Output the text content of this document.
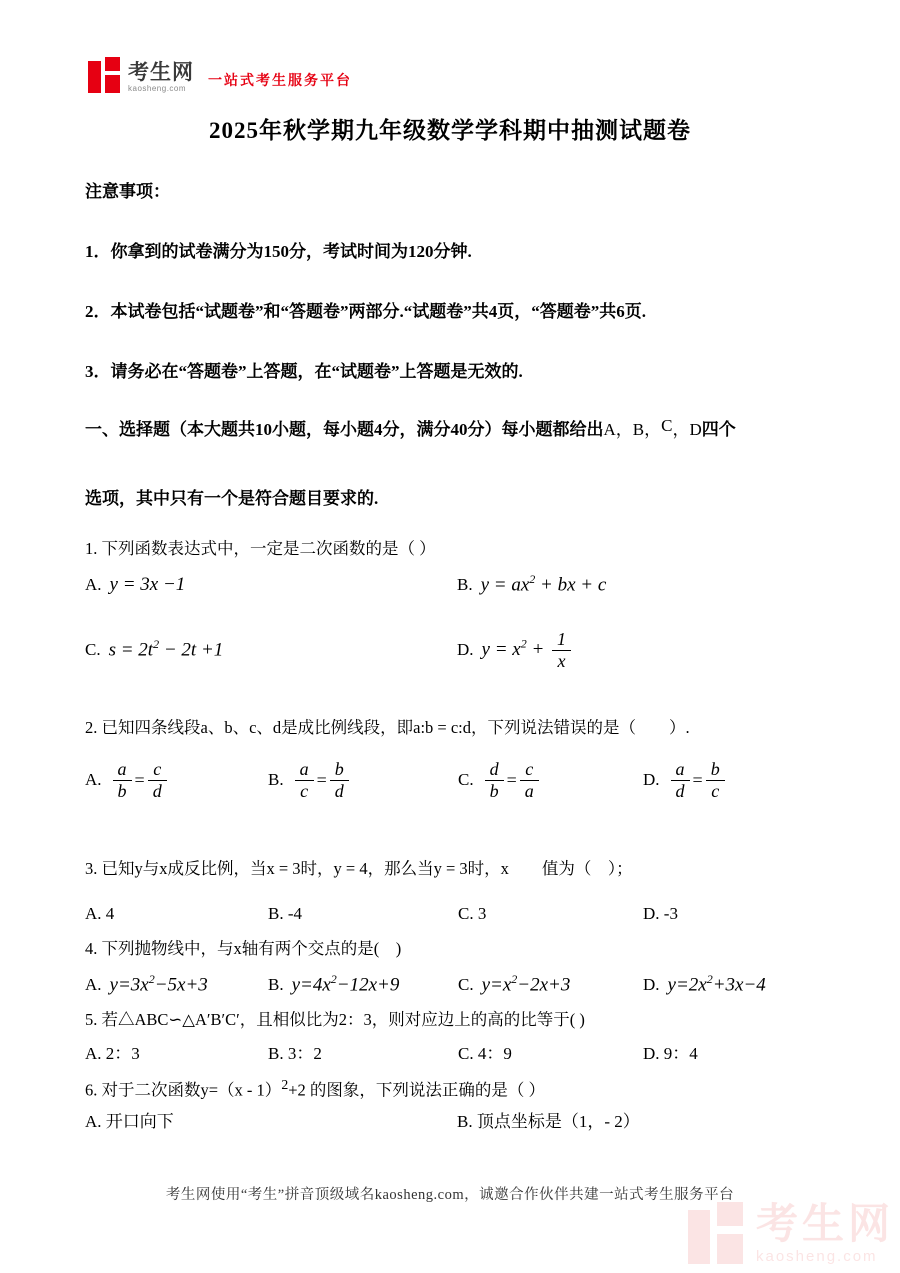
考生网
kaosheng.com
一站式考生服务平台
2025年秋学期九年级数学学科期中抽测试题卷
注意事项：
1．你拿到的试卷满分为150分，考试时间为120分钟.
2．本试卷包括“试题卷”和“答题卷”两部分.“试题卷”共4页，“答题卷”共6页.
3．请务必在“答题卷”上答题，在“试题卷”上答题是无效的.
一、选择题（本大题共10小题，每小题4分，满分40分）每小题都给出A，B，C，D四个
选项，其中只有一个是符合题目要求的.
1. 下列函数表达式中，一定是二次函数的是（ ）
A. y = 3x −1	B. $y = ax^2$ + bx + c
C. $s = 2t^2 - 2t +1$	D. $y = x^2 + \frac{1}{x}$
2. 已知四条线段a、b、c、d是成比例线段，即a:b = c:d，下列说法错误的是（　　）.
A. $\frac{a}{b} = \frac{c}{d}$	B. $\frac{a}{c} = \frac{b}{d}$	C. $\frac{d}{b} = \frac{c}{a}$	D. $\frac{a}{d} = \frac{b}{c}$
3. 已知y与x成反比例，当x = 3时，y = 4，那么当y = 3时，x　　值为（　）；
A. 4	B. -4	C. 3	D. -3
4. 下列抛物线中，与x轴有两个交点的是(　)
A. $y=3x^2-5x+3$	B. $y=4x^2-12x+9$	C. $y=x^2-2x+3$	D. $y=2x^2+3x-4$
5. 若△ABC∽△A′B′C′，且相似比为2：3，则对应边上的高的比等于( )
A. 2：3	B. 3：2	C. 4：9	D. 9：4
6. 对于二次函数y=（x - 1）$^2$+2 的图象，下列说法正确的是（ ）
A. 开口向下	B. 顶点坐标是（1，- 2）
考生网使用“考生”拼音顶级域名kaosheng.com，诚邀合作伙伴共建一站式考生服务平台
考生网
kaosheng.com
